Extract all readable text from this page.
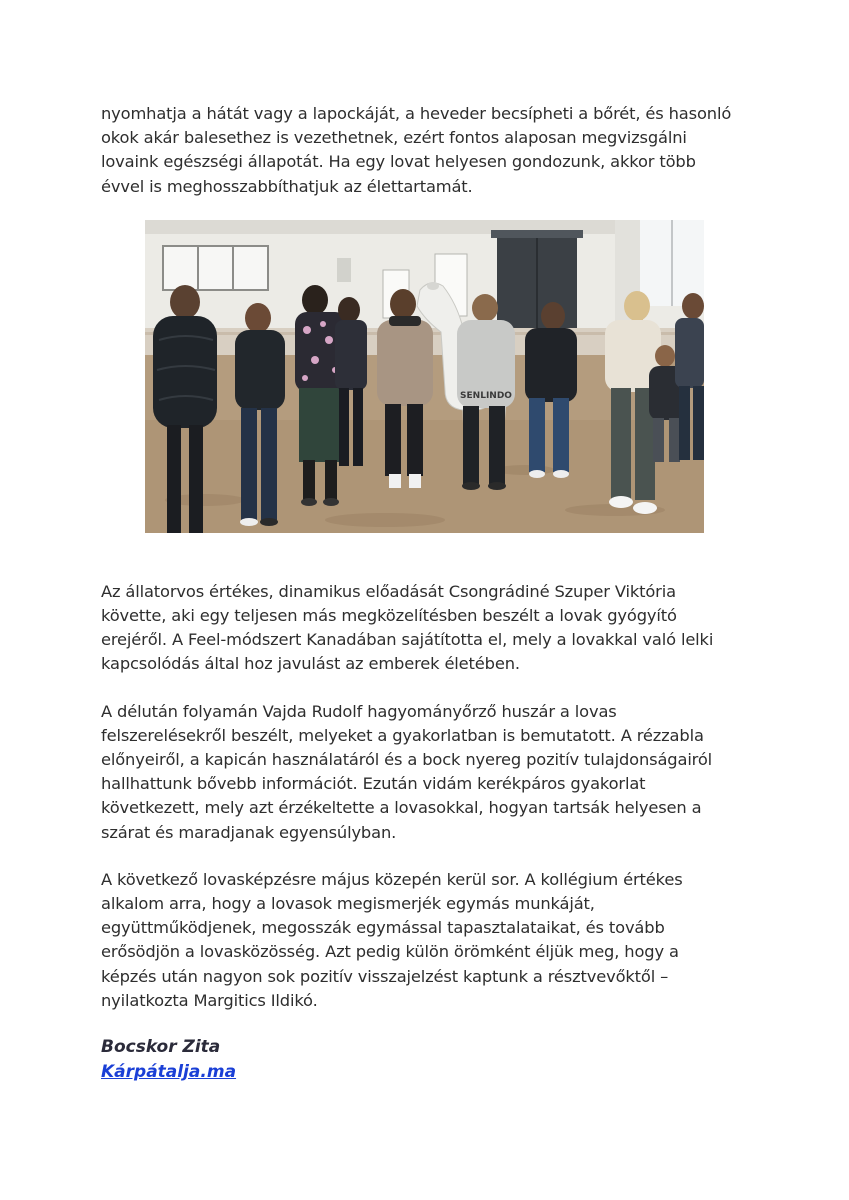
nyomhatja a hátát vagy a lapockáját, a heveder becsípheti a bőrét, és hasonló
okok akár balesethez is vezethetnek, ezért fontos alaposan megvizsgálni
lovaink egészségi állapotát. Ha egy lovat helyesen gondozunk, akkor több
évvel is meghosszabbíthatjuk az élettartamát.

SENLINDO

Az állatorvos értékes, dinamikus előadását Csongrádiné Szuper Viktória
követte, aki egy teljesen más megközelítésben beszélt a lovak gyógyító
erejéről. A Feel-módszert Kanadában sajátította el, mely a lovakkal való lelki
kapcsolódás által hoz javulást az emberek életében.

A délután folyamán Vajda Rudolf hagyományőrző huszár a lovas
felszerelésekről beszélt, melyeket a gyakorlatban is bemutatott. A rézzabla
előnyeiről, a kapicán használatáról és a bock nyereg pozitív tulajdonságairól
hallhattunk bővebb információt. Ezután vidám kerékpáros gyakorlat
következett, mely azt érzékeltette a lovasokkal, hogyan tartsák helyesen a
szárat és maradjanak egyensúlyban.

A következő lovasképzésre május közepén kerül sor. A kollégium értékes
alkalom arra, hogy a lovasok megismerjék egymás munkáját,
együttműködjenek, megosszák egymással tapasztalataikat, és tovább
erősödjön a lovasközösség. Azt pedig külön örömként éljük meg, hogy a
képzés után nagyon sok pozitív visszajelzést kaptunk a résztvevőktől –
nyilatkozta Margitics Ildikó.

Bocskor Zita

Kárpátalja.ma
